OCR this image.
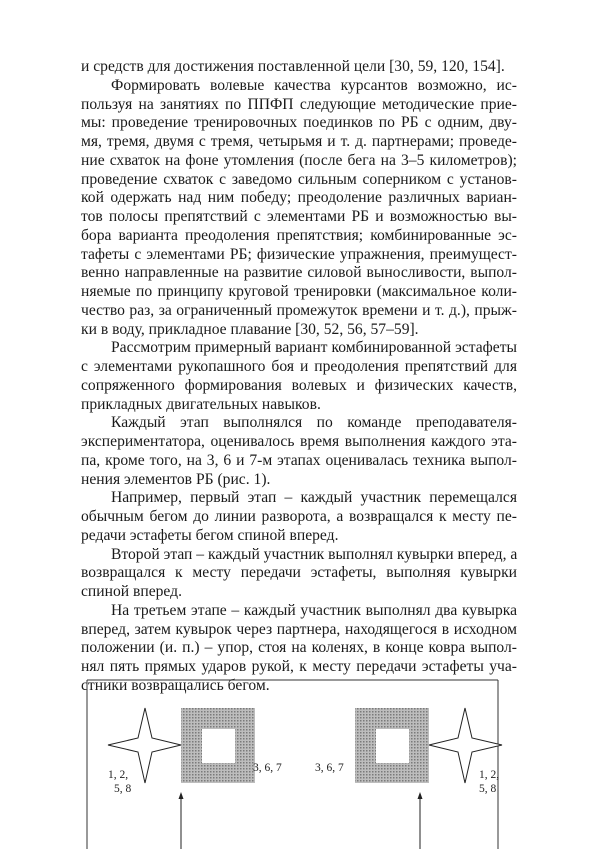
и средств для достижения поставленной цели [30, 59, 120, 154].
Формировать волевые качества курсантов возможно, ис-
пользуя на занятиях по ППФП следующие методические прие-
мы: проведение тренировочных поединков по РБ с одним, дву-
мя, тремя, двумя с тремя, четырьмя и т. д. партнерами; проведе-
ние схваток на фоне утомления (после бега на 3–5 километров);
проведение схваток с заведомо сильным соперником с установ-
кой одержать над ним победу; преодоление различных вариан-
тов полосы препятствий с элементами РБ и возможностью вы-
бора варианта преодоления препятствия; комбинированные эс-
тафеты с элементами РБ; физические упражнения, преимущест-
венно направленные на развитие силовой выносливости, выпол-
няемые по принципу круговой тренировки (максимальное коли-
чество раз, за ограниченный промежуток времени и т. д.), прыж-
ки в воду, прикладное плавание [30, 52, 56, 57–59].
Рассмотрим примерный вариант комбинированной эстафеты
с элементами рукопашного боя и преодоления препятствий для
сопряженного формирования волевых и физических качеств,
прикладных двигательных навыков.
Каждый этап выполнялся по команде преподавателя-
экспериментатора, оценивалось время выполнения каждого эта-
па, кроме того, на 3, 6 и 7-м этапах оценивалась техника выпол-
нения элементов РБ (рис. 1).
Например, первый этап – каждый участник перемещался
обычным бегом до линии разворота, а возвращался к месту пе-
редачи эстафеты бегом спиной вперед.
Второй этап – каждый участник выполнял кувырки вперед, а
возвращался к месту передачи эстафеты, выполняя кувырки
спиной вперед.
На третьем этапе – каждый участник выполнял два кувырка
вперед, затем кувырок через партнера, находящегося в исходном
положении (и. п.) – упор, стоя на коленях, в конце ковра выпол-
нял пять прямых ударов рукой, к месту передачи эстафеты уча-
стники возвращались бегом.
1, 2,
5, 8
3, 6, 7	3, 6, 7
1, 2,
5, 8
